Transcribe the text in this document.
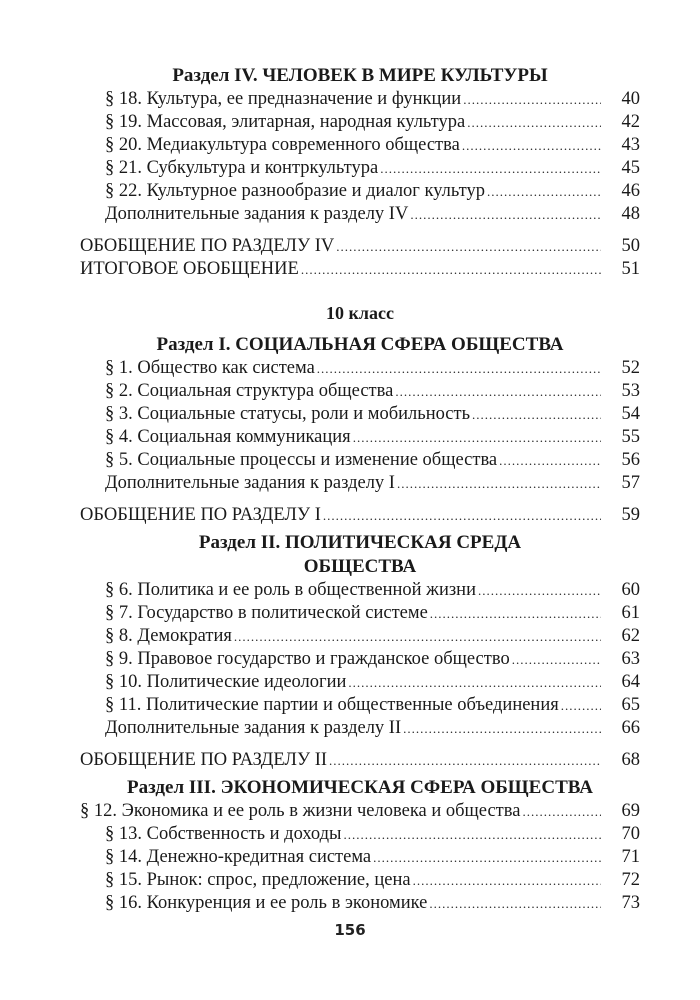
Раздел IV. ЧЕЛОВЕК В МИРЕ КУЛЬТУРЫ
§ 18. Культура, ее предназначение и функции .....	40
§ 19. Массовая, элитарная, народная культура .....	42
§ 20. Медиакультура современного общества .....	43
§ 21. Субкультура и контркультура .....	45
§ 22. Культурное разнообразие и диалог культур .....	46
Дополнительные задания к разделу IV .....	48
ОБОБЩЕНИЕ ПО РАЗДЕЛУ IV .....	50
ИТОГОВОЕ ОБОБЩЕНИЕ .....	51
10 класс
Раздел I. СОЦИАЛЬНАЯ СФЕРА ОБЩЕСТВА
§ 1. Общество как система .....	52
§ 2. Социальная структура общества .....	53
§ 3. Социальные статусы, роли и мобильность .....	54
§ 4. Социальная коммуникация .....	55
§ 5. Социальные процессы и изменение общества .....	56
Дополнительные задания к разделу I .....	57
ОБОБЩЕНИЕ ПО РАЗДЕЛУ I .....	59
Раздел II. ПОЛИТИЧЕСКАЯ СРЕДА
ОБЩЕСТВА
§ 6. Политика и ее роль в общественной жизни .....	60
§ 7. Государство в политической системе .....	61
§ 8. Демократия .....	62
§ 9. Правовое государство и гражданское общество .....	63
§ 10. Политические идеологии .....	64
§ 11. Политические партии и общественные объединения .....	65
Дополнительные задания к разделу II .....	66
ОБОБЩЕНИЕ ПО РАЗДЕЛУ II .....	68
Раздел III. ЭКОНОМИЧЕСКАЯ СФЕРА ОБЩЕСТВА
§ 12. Экономика и ее роль в жизни человека и общества .....	69
§ 13. Собственность и доходы .....	70
§ 14. Денежно-кредитная система .....	71
§ 15. Рынок: спрос, предложение, цена .....	72
§ 16. Конкуренция и ее роль в экономике .....	73
156
